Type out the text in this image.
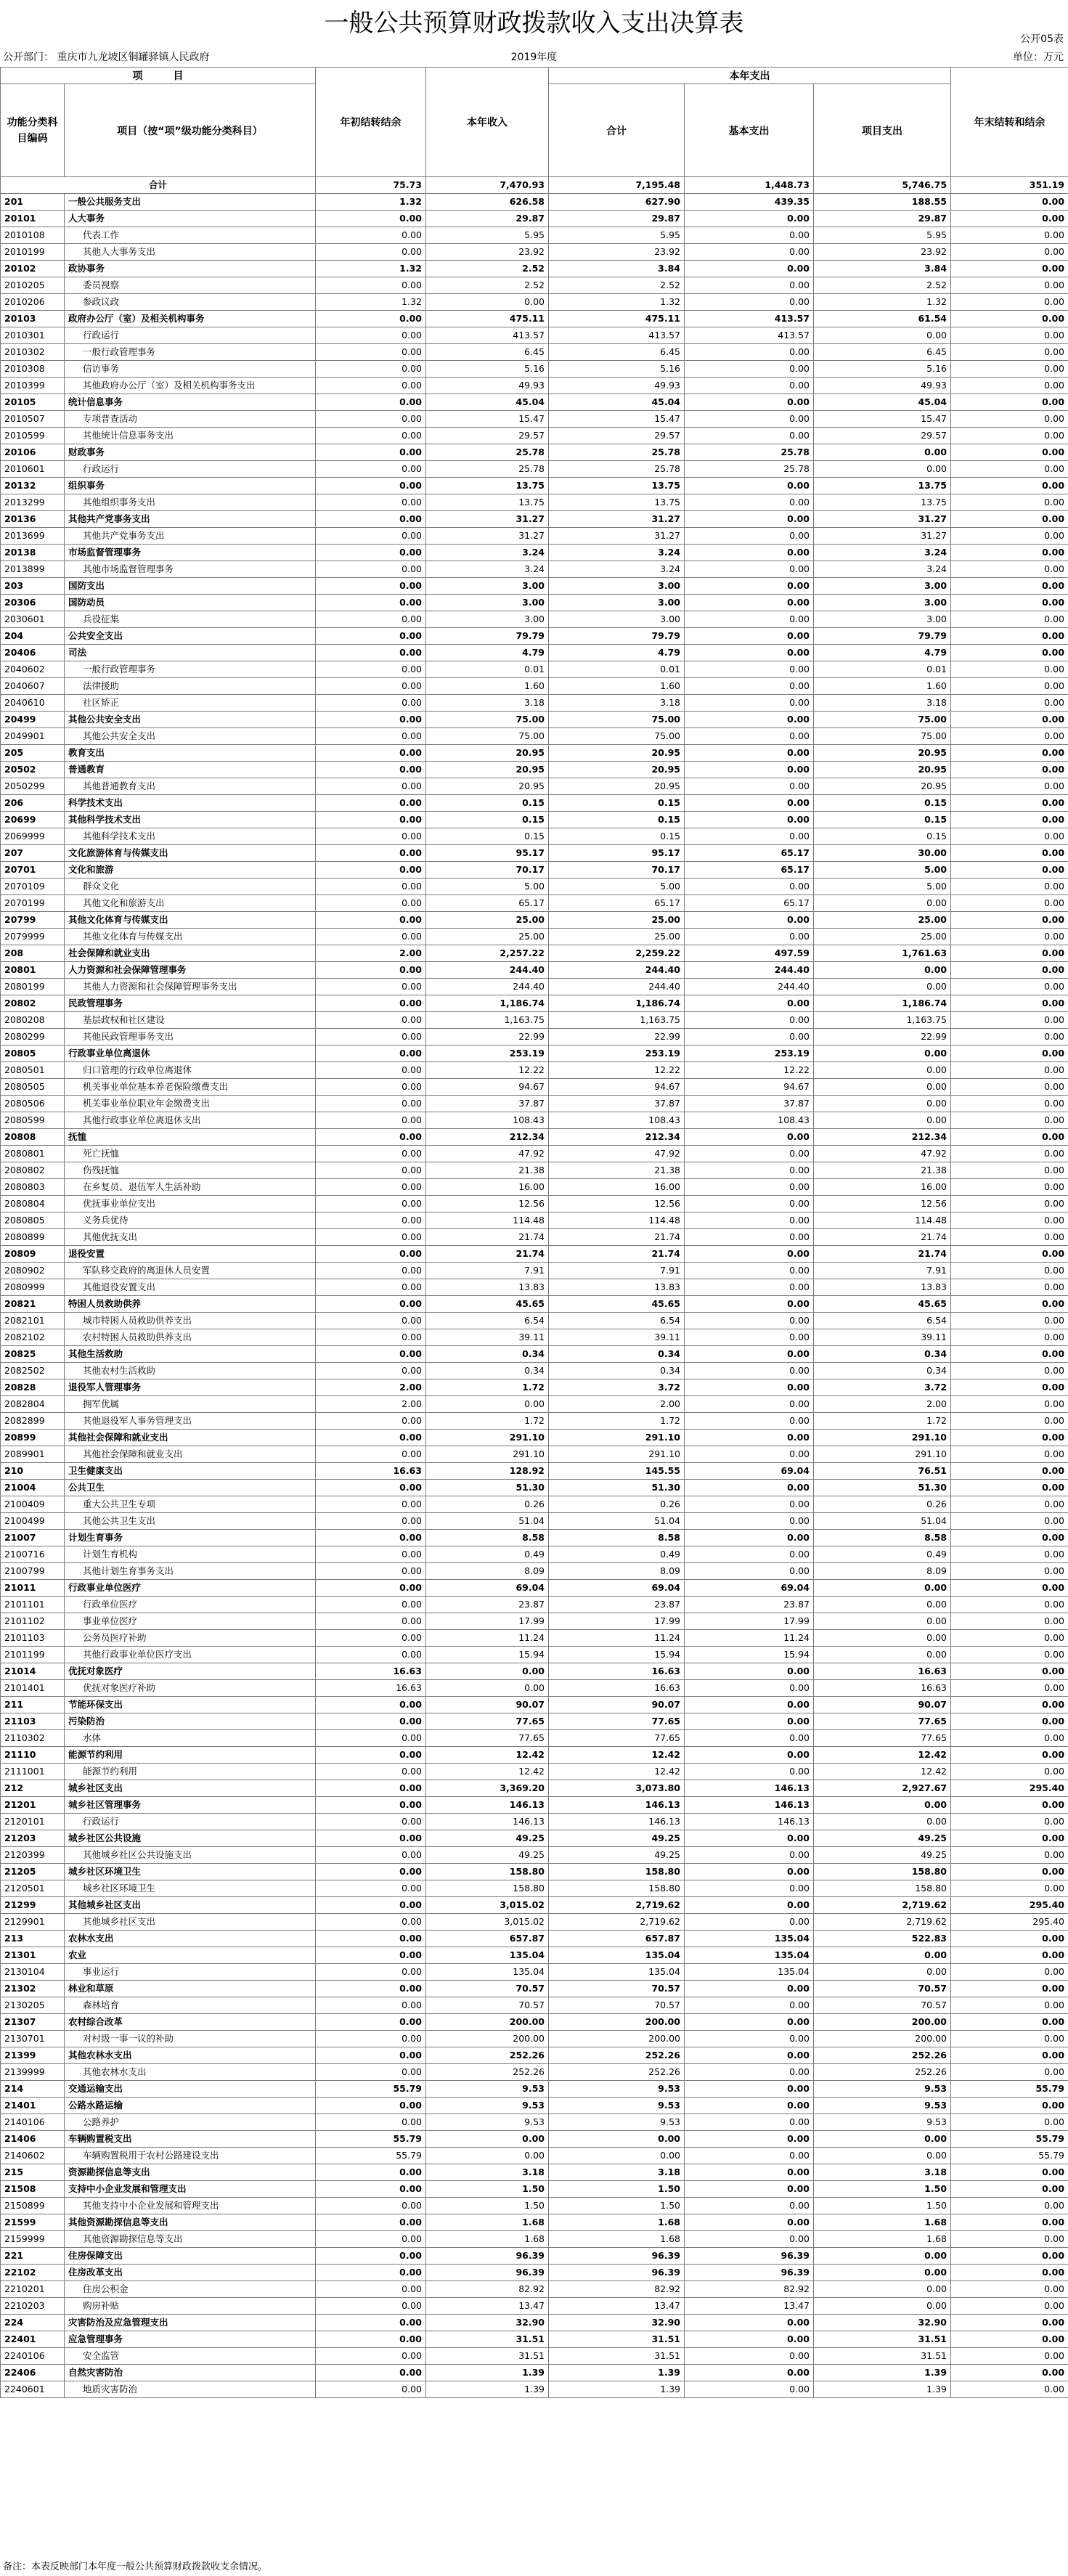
一般公共预算财政拨款收入支出决算表
公开05表
公开部门： 重庆市九龙坡区铜罐驿镇人民政府	2019年度	单位：万元
项　　　目		年初结转结余	本年收入	本年支出			年末结转和结余
功能分类科目编码	项目（按“项”级功能分类科目）			合计	基本支出	项目支出	

合计		75.73	7,470.93	7,195.48	1,448.73	5,746.75	351.19
201	一般公共服务支出	1.32	626.58	627.90	439.35	188.55	0.00
20101	人大事务	0.00	29.87	29.87	0.00	29.87	0.00
2010108	代表工作	0.00	5.95	5.95	0.00	5.95	0.00
2010199	其他人大事务支出	0.00	23.92	23.92	0.00	23.92	0.00
20102	政协事务	1.32	2.52	3.84	0.00	3.84	0.00
2010205	委员视察	0.00	2.52	2.52	0.00	2.52	0.00
2010206	参政议政	1.32	0.00	1.32	0.00	1.32	0.00
20103	政府办公厅（室）及相关机构事务	0.00	475.11	475.11	413.57	61.54	0.00
2010301	行政运行	0.00	413.57	413.57	413.57	0.00	0.00
2010302	一般行政管理事务	0.00	6.45	6.45	0.00	6.45	0.00
2010308	信访事务	0.00	5.16	5.16	0.00	5.16	0.00
2010399	其他政府办公厅（室）及相关机构事务支出	0.00	49.93	49.93	0.00	49.93	0.00
20105	统计信息事务	0.00	45.04	45.04	0.00	45.04	0.00
2010507	专项普查活动	0.00	15.47	15.47	0.00	15.47	0.00
2010599	其他统计信息事务支出	0.00	29.57	29.57	0.00	29.57	0.00
20106	财政事务	0.00	25.78	25.78	25.78	0.00	0.00
2010601	行政运行	0.00	25.78	25.78	25.78	0.00	0.00
20132	组织事务	0.00	13.75	13.75	0.00	13.75	0.00
2013299	其他组织事务支出	0.00	13.75	13.75	0.00	13.75	0.00
20136	其他共产党事务支出	0.00	31.27	31.27	0.00	31.27	0.00
2013699	其他共产党事务支出	0.00	31.27	31.27	0.00	31.27	0.00
20138	市场监督管理事务	0.00	3.24	3.24	0.00	3.24	0.00
2013899	其他市场监督管理事务	0.00	3.24	3.24	0.00	3.24	0.00
203	国防支出	0.00	3.00	3.00	0.00	3.00	0.00
20306	国防动员	0.00	3.00	3.00	0.00	3.00	0.00
2030601	兵役征集	0.00	3.00	3.00	0.00	3.00	0.00
204	公共安全支出	0.00	79.79	79.79	0.00	79.79	0.00
20406	司法	0.00	4.79	4.79	0.00	4.79	0.00
2040602	一般行政管理事务	0.00	0.01	0.01	0.00	0.01	0.00
2040607	法律援助	0.00	1.60	1.60	0.00	1.60	0.00
2040610	社区矫正	0.00	3.18	3.18	0.00	3.18	0.00
20499	其他公共安全支出	0.00	75.00	75.00	0.00	75.00	0.00
2049901	其他公共安全支出	0.00	75.00	75.00	0.00	75.00	0.00
205	教育支出	0.00	20.95	20.95	0.00	20.95	0.00
20502	普通教育	0.00	20.95	20.95	0.00	20.95	0.00
2050299	其他普通教育支出	0.00	20.95	20.95	0.00	20.95	0.00
206	科学技术支出	0.00	0.15	0.15	0.00	0.15	0.00
20699	其他科学技术支出	0.00	0.15	0.15	0.00	0.15	0.00
2069999	其他科学技术支出	0.00	0.15	0.15	0.00	0.15	0.00
207	文化旅游体育与传媒支出	0.00	95.17	95.17	65.17	30.00	0.00
20701	文化和旅游	0.00	70.17	70.17	65.17	5.00	0.00
2070109	群众文化	0.00	5.00	5.00	0.00	5.00	0.00
2070199	其他文化和旅游支出	0.00	65.17	65.17	65.17	0.00	0.00
20799	其他文化体育与传媒支出	0.00	25.00	25.00	0.00	25.00	0.00
2079999	其他文化体育与传媒支出	0.00	25.00	25.00	0.00	25.00	0.00
208	社会保障和就业支出	2.00	2,257.22	2,259.22	497.59	1,761.63	0.00
20801	人力资源和社会保障管理事务	0.00	244.40	244.40	244.40	0.00	0.00
2080199	其他人力资源和社会保障管理事务支出	0.00	244.40	244.40	244.40	0.00	0.00
20802	民政管理事务	0.00	1,186.74	1,186.74	0.00	1,186.74	0.00
2080208	基层政权和社区建设	0.00	1,163.75	1,163.75	0.00	1,163.75	0.00
2080299	其他民政管理事务支出	0.00	22.99	22.99	0.00	22.99	0.00
20805	行政事业单位离退休	0.00	253.19	253.19	253.19	0.00	0.00
2080501	归口管理的行政单位离退休	0.00	12.22	12.22	12.22	0.00	0.00
2080505	机关事业单位基本养老保险缴费支出	0.00	94.67	94.67	94.67	0.00	0.00
2080506	机关事业单位职业年金缴费支出	0.00	37.87	37.87	37.87	0.00	0.00
2080599	其他行政事业单位离退休支出	0.00	108.43	108.43	108.43	0.00	0.00
20808	抚恤	0.00	212.34	212.34	0.00	212.34	0.00
2080801	死亡抚恤	0.00	47.92	47.92	0.00	47.92	0.00
2080802	伤残抚恤	0.00	21.38	21.38	0.00	21.38	0.00
2080803	在乡复员、退伍军人生活补助	0.00	16.00	16.00	0.00	16.00	0.00
2080804	优抚事业单位支出	0.00	12.56	12.56	0.00	12.56	0.00
2080805	义务兵优待	0.00	114.48	114.48	0.00	114.48	0.00
2080899	其他优抚支出	0.00	21.74	21.74	0.00	21.74	0.00
20809	退役安置	0.00	21.74	21.74	0.00	21.74	0.00
2080902	军队移交政府的离退休人员安置	0.00	7.91	7.91	0.00	7.91	0.00
2080999	其他退役安置支出	0.00	13.83	13.83	0.00	13.83	0.00
20821	特困人员救助供养	0.00	45.65	45.65	0.00	45.65	0.00
2082101	城市特困人员救助供养支出	0.00	6.54	6.54	0.00	6.54	0.00
2082102	农村特困人员救助供养支出	0.00	39.11	39.11	0.00	39.11	0.00
20825	其他生活救助	0.00	0.34	0.34	0.00	0.34	0.00
2082502	其他农村生活救助	0.00	0.34	0.34	0.00	0.34	0.00
20828	退役军人管理事务	2.00	1.72	3.72	0.00	3.72	0.00
2082804	拥军优属	2.00	0.00	2.00	0.00	2.00	0.00
2082899	其他退役军人事务管理支出	0.00	1.72	1.72	0.00	1.72	0.00
20899	其他社会保障和就业支出	0.00	291.10	291.10	0.00	291.10	0.00
2089901	其他社会保障和就业支出	0.00	291.10	291.10	0.00	291.10	0.00
210	卫生健康支出	16.63	128.92	145.55	69.04	76.51	0.00
21004	公共卫生	0.00	51.30	51.30	0.00	51.30	0.00
2100409	重大公共卫生专项	0.00	0.26	0.26	0.00	0.26	0.00
2100499	其他公共卫生支出	0.00	51.04	51.04	0.00	51.04	0.00
21007	计划生育事务	0.00	8.58	8.58	0.00	8.58	0.00
2100716	计划生育机构	0.00	0.49	0.49	0.00	0.49	0.00
2100799	其他计划生育事务支出	0.00	8.09	8.09	0.00	8.09	0.00
21011	行政事业单位医疗	0.00	69.04	69.04	69.04	0.00	0.00
2101101	行政单位医疗	0.00	23.87	23.87	23.87	0.00	0.00
2101102	事业单位医疗	0.00	17.99	17.99	17.99	0.00	0.00
2101103	公务员医疗补助	0.00	11.24	11.24	11.24	0.00	0.00
2101199	其他行政事业单位医疗支出	0.00	15.94	15.94	15.94	0.00	0.00
21014	优抚对象医疗	16.63	0.00	16.63	0.00	16.63	0.00
2101401	优抚对象医疗补助	16.63	0.00	16.63	0.00	16.63	0.00
211	节能环保支出	0.00	90.07	90.07	0.00	90.07	0.00
21103	污染防治	0.00	77.65	77.65	0.00	77.65	0.00
2110302	水体	0.00	77.65	77.65	0.00	77.65	0.00
21110	能源节约利用	0.00	12.42	12.42	0.00	12.42	0.00
2111001	能源节约利用	0.00	12.42	12.42	0.00	12.42	0.00
212	城乡社区支出	0.00	3,369.20	3,073.80	146.13	2,927.67	295.40
21201	城乡社区管理事务	0.00	146.13	146.13	146.13	0.00	0.00
2120101	行政运行	0.00	146.13	146.13	146.13	0.00	0.00
21203	城乡社区公共设施	0.00	49.25	49.25	0.00	49.25	0.00
2120399	其他城乡社区公共设施支出	0.00	49.25	49.25	0.00	49.25	0.00
21205	城乡社区环境卫生	0.00	158.80	158.80	0.00	158.80	0.00
2120501	城乡社区环境卫生	0.00	158.80	158.80	0.00	158.80	0.00
21299	其他城乡社区支出	0.00	3,015.02	2,719.62	0.00	2,719.62	295.40
2129901	其他城乡社区支出	0.00	3,015.02	2,719.62	0.00	2,719.62	295.40
213	农林水支出	0.00	657.87	657.87	135.04	522.83	0.00
21301	农业	0.00	135.04	135.04	135.04	0.00	0.00
2130104	事业运行	0.00	135.04	135.04	135.04	0.00	0.00
21302	林业和草原	0.00	70.57	70.57	0.00	70.57	0.00
2130205	森林培育	0.00	70.57	70.57	0.00	70.57	0.00
21307	农村综合改革	0.00	200.00	200.00	0.00	200.00	0.00
2130701	对村级一事一议的补助	0.00	200.00	200.00	0.00	200.00	0.00
21399	其他农林水支出	0.00	252.26	252.26	0.00	252.26	0.00
2139999	其他农林水支出	0.00	252.26	252.26	0.00	252.26	0.00
214	交通运输支出	55.79	9.53	9.53	0.00	9.53	55.79
21401	公路水路运输	0.00	9.53	9.53	0.00	9.53	0.00
2140106	公路养护	0.00	9.53	9.53	0.00	9.53	0.00
21406	车辆购置税支出	55.79	0.00	0.00	0.00	0.00	55.79
2140602	车辆购置税用于农村公路建设支出	55.79	0.00	0.00	0.00	0.00	55.79
215	资源勘探信息等支出	0.00	3.18	3.18	0.00	3.18	0.00
21508	支持中小企业发展和管理支出	0.00	1.50	1.50	0.00	1.50	0.00
2150899	其他支持中小企业发展和管理支出	0.00	1.50	1.50	0.00	1.50	0.00
21599	其他资源勘探信息等支出	0.00	1.68	1.68	0.00	1.68	0.00
2159999	其他资源勘探信息等支出	0.00	1.68	1.68	0.00	1.68	0.00
221	住房保障支出	0.00	96.39	96.39	96.39	0.00	0.00
22102	住房改革支出	0.00	96.39	96.39	96.39	0.00	0.00
2210201	住房公积金	0.00	82.92	82.92	82.92	0.00	0.00
2210203	购房补贴	0.00	13.47	13.47	13.47	0.00	0.00
224	灾害防治及应急管理支出	0.00	32.90	32.90	0.00	32.90	0.00
22401	应急管理事务	0.00	31.51	31.51	0.00	31.51	0.00
2240106	安全监管	0.00	31.51	31.51	0.00	31.51	0.00
22406	自然灾害防治	0.00	1.39	1.39	0.00	1.39	0.00
2240601	地质灾害防治	0.00	1.39	1.39	0.00	1.39	0.00
备注：本表反映部门本年度一般公共预算财政拨款收支余情况。
